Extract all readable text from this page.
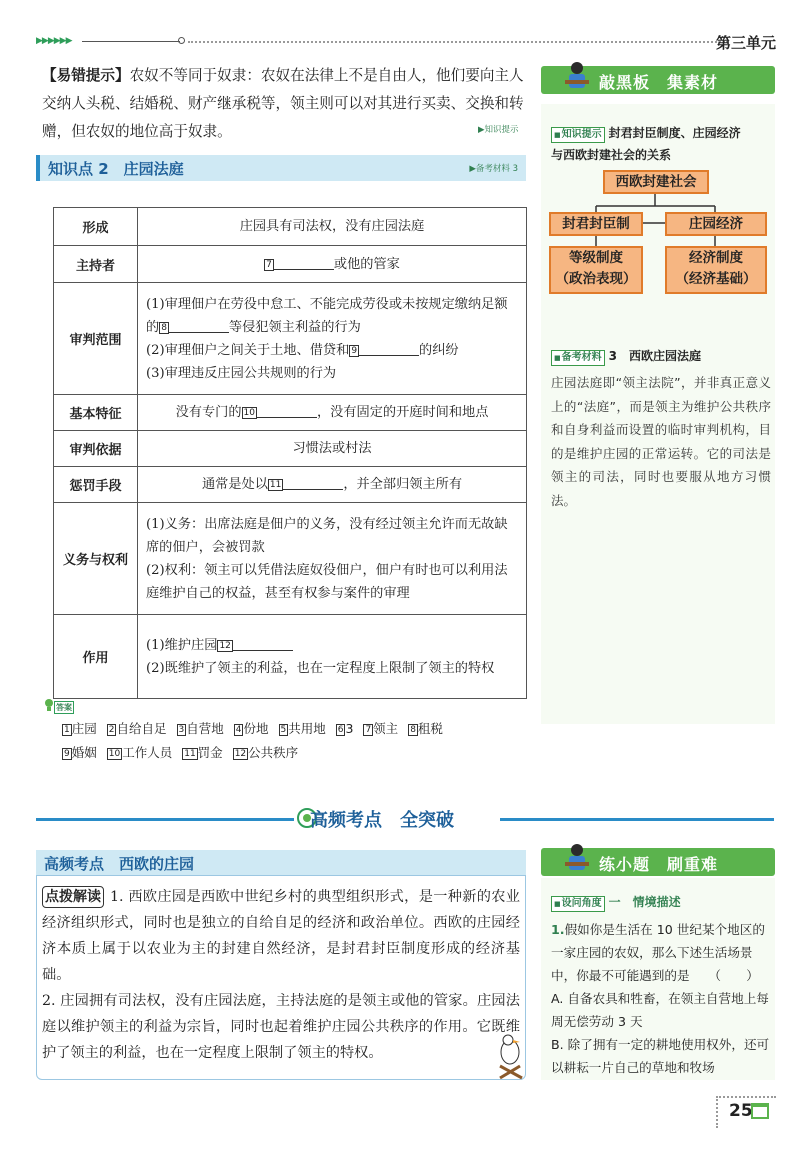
▶▶▶▶▶▶	第三单元
【易错提示】农奴不等同于奴隶：农奴在法律上不是自由人，他们要向主人交纳人头税、结婚税、财产继承税等，领主则可以对其进行买卖、交换和转赠，但农奴的地位高于奴隶。	▶知识提示
知识点 2　庄园法庭	▶备考材料 3
形成	庄园具有司法权，没有庄园法庭
主持者	7 或他的管家
审判范围	(1)审理佃户在劳役中怠工、不能完成劳役或未按规定缴纳足额的 8 等侵犯领主利益的行为
(2)审理佃户之间关于土地、借贷和 9 的纠纷
(3)审理违反庄园公共规则的行为
基本特征	没有专门的 10 ，没有固定的开庭时间和地点
审判依据	习惯法或村法
惩罚手段	通常是处以 11 ，并全部归领主所有
义务与权利	(1)义务：出席法庭是佃户的义务，没有经过领主允许而无故缺席的佃户，会被罚款
(2)权利：领主可以凭借法庭奴役佃户，佃户有时也可以利用法庭维护自己的权益，甚至有权参与案件的审理
作用	(1)维护庄园 12
(2)既维护了领主的利益，也在一定程度上限制了领主的特权
答案
1 庄园 2 自给自足 3 自营地 4 份地 5 共用地 6 3 7 领主 8 租税
9 婚姻 10 工作人员 11 罚金 12 公共秩序
敲黑板　集素材
■ 知识提示 封君封臣制度、庄园经济
与西欧封建社会的关系
西欧封建社会
封君封臣制	庄园经济
等级制度
（政治表现）
经济制度
（经济基础）
■ 备考材料 3　 西欧庄园法庭
庄园法庭即“领主法院”，并非真正意义上的“法庭”，而是领主为维护公共秩序和自身利益而设置的临时审判机构，目的是维护庄园的正常运转。它的司法是领主的司法，同时也要服从地方习惯法。
高频考点　全突破
高频考点　西欧的庄园
点拨解读 1. 西欧庄园是西欧中世纪乡村的典型组织形式，是一种新的农业经济组织形式，同时也是独立的自给自足的经济和政治单位。西欧的庄园经济本质上属于以农业为主的封建自然经济，是封君封臣制度形成的经济基础。
2. 庄园拥有司法权，没有庄园法庭，主持法庭的是领主或他的管家。庄园法庭以维护领主的利益为宗旨，同时也起着维护庄园公共秩序的作用。它既维护了领主的利益，也在一定程度上限制了领主的特权。
练小题　刷重难
■ 设问角度 一　情境描述
1.假如你是生活在 10 世纪某个地区的一家庄园的农奴，那么下述生活场景中，你最不可能遇到的是　　（　　）
A. 自备农具和牲畜，在领主自营地上每周无偿劳动 3 天
B. 除了拥有一定的耕地使用权外，还可以耕耘一片自己的草地和牧场
25
